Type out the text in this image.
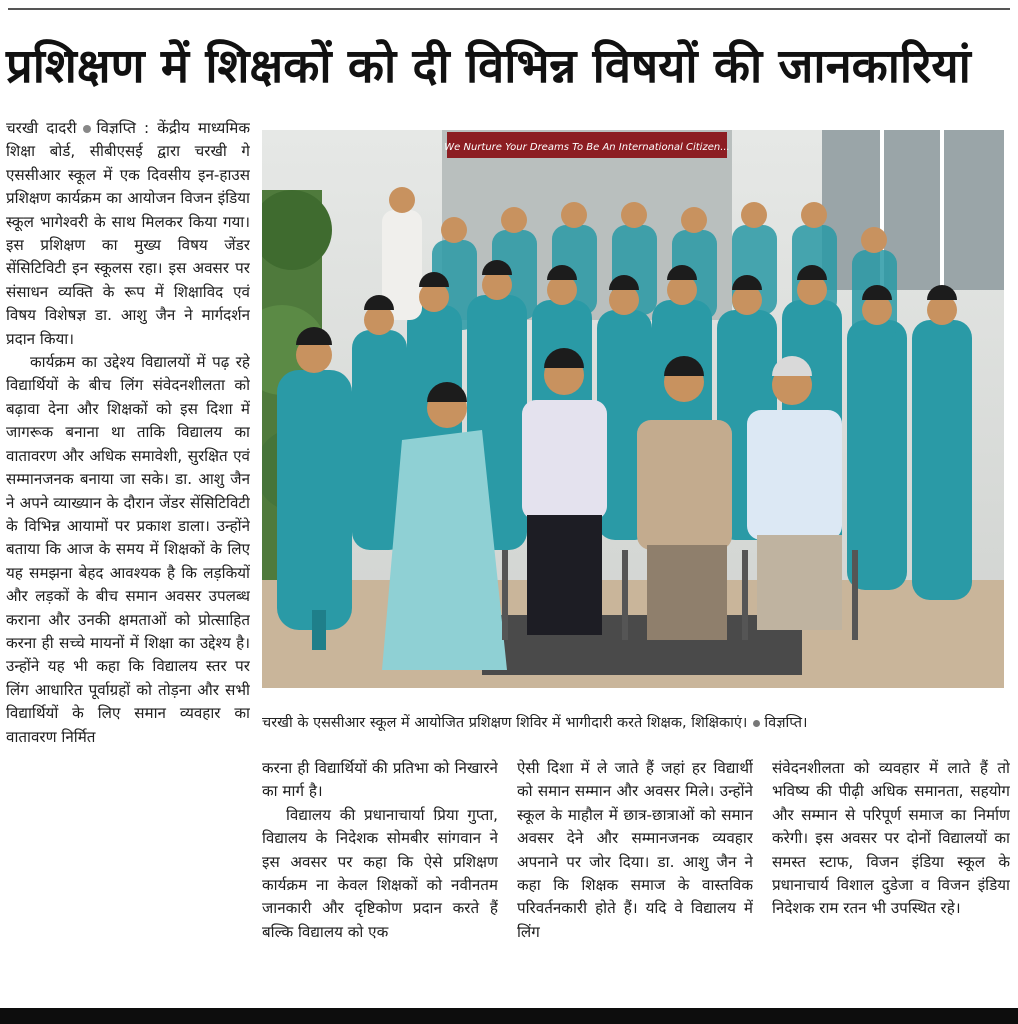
प्रशिक्षण में शिक्षकों को दी विभिन्न विषयों की जानकारियां

चरखी दादरी विज्ञप्ति : केंद्रीय माध्यमिक शिक्षा बोर्ड, सीबीएसई द्वारा चरखी गे एससीआर स्कूल में एक दिवसीय इन-हाउस प्रशिक्षण कार्यक्रम का आयोजन विजन इंडिया स्कूल भागेश्वरी के साथ मिलकर किया गया। इस प्रशिक्षण का मुख्य विषय जेंडर सेंसिटिविटी इन स्कूलस रहा। इस अवसर पर संसाधन व्यक्ति के रूप में शिक्षाविद एवं विषय विशेषज्ञ डा. आशु जैन ने मार्गदर्शन प्रदान किया।

कार्यक्रम का उद्देश्य विद्यालयों में पढ़ रहे विद्यार्थियों के बीच लिंग संवेदनशीलता को बढ़ावा देना और शिक्षकों को इस दिशा में जागरूक बनाना था ताकि विद्यालय का वातावरण और अधिक समावेशी, सुरक्षित एवं सम्मानजनक बनाया जा सके। डा. आशु जैन ने अपने व्याख्यान के दौरान जेंडर सेंसिटिविटी के विभिन्न आयामों पर प्रकाश डाला। उन्होंने बताया कि आज के समय में शिक्षकों के लिए यह समझना बेहद आवश्यक है कि लड़कियों और लड़कों के बीच समान अवसर उपलब्ध कराना और उनकी क्षमताओं को प्रोत्साहित करना ही सच्चे मायनों में शिक्षा का उद्देश्य है। उन्होंने यह भी कहा कि विद्यालय स्तर पर लिंग आधारित पूर्वाग्रहों को तोड़ना और सभी विद्यार्थियों के लिए समान व्यवहार का वातावरण निर्मित

We Nurture Your Dreams To Be An International Citizen...
चरखी के एससीआर स्कूल में आयोजित प्रशिक्षण शिविर में भागीदारी करते शिक्षक, शिक्षिकाएं। विज्ञप्ति।

करना ही विद्यार्थियों की प्रतिभा को निखारने का मार्ग है।

विद्यालय की प्रधानाचार्या प्रिया गुप्ता, विद्यालय के निदेशक सोमबीर सांगवान ने इस अवसर पर कहा कि ऐसे प्रशिक्षण कार्यक्रम ना केवल शिक्षकों को नवीनतम जानकारी और दृष्टिकोण प्रदान करते हैं बल्कि विद्यालय को एक

ऐसी दिशा में ले जाते हैं जहां हर विद्यार्थी को समान सम्मान और अवसर मिले। उन्होंने स्कूल के माहौल में छात्र-छात्राओं को समान अवसर देने और सम्मानजनक व्यवहार अपनाने पर जोर दिया। डा. आशु जैन ने कहा कि शिक्षक समाज के वास्तविक परिवर्तनकारी होते हैं। यदि वे विद्यालय में लिंग

संवेदनशीलता को व्यवहार में लाते हैं तो भविष्य की पीढ़ी अधिक समानता, सहयोग और सम्मान से परिपूर्ण समाज का निर्माण करेगी। इस अवसर पर दोनों विद्यालयों का समस्त स्टाफ, विजन इंडिया स्कूल के प्रधानाचार्य विशाल दुडेजा व विजन इंडिया निदेशक राम रतन भी उपस्थित रहे।
